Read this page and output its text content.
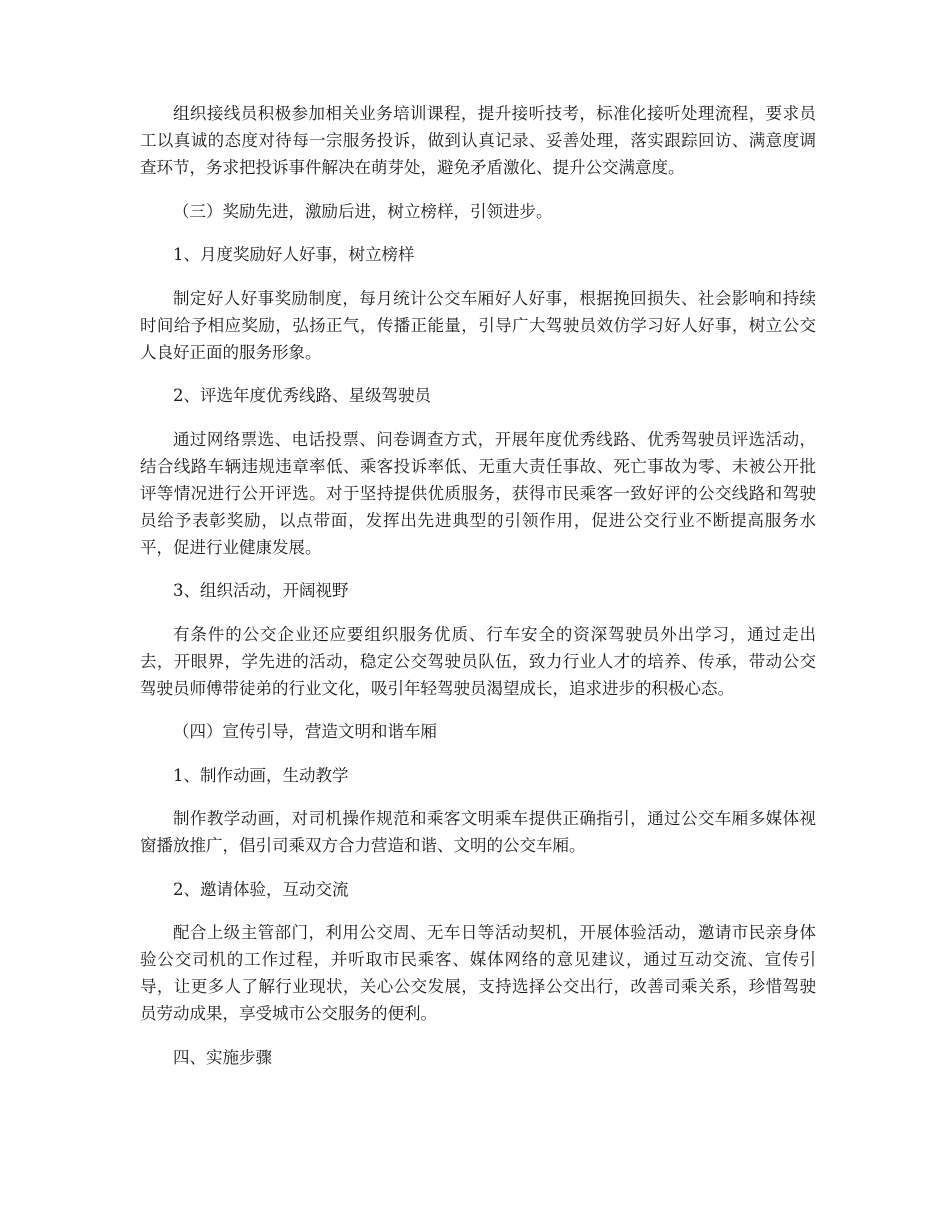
组织接线员积极参加相关业务培训课程，提升接听技考，标准化接听处理流程，要求员工以真诚的态度对待每一宗服务投诉，做到认真记录、妥善处理，落实跟踪回访、满意度调查环节，务求把投诉事件解决在萌芽处，避免矛盾激化、提升公交满意度。

（三）奖励先进，激励后进，树立榜样，引领进步。

1、月度奖励好人好事，树立榜样

制定好人好事奖励制度，每月统计公交车厢好人好事，根据挽回损失、社会影响和持续时间给予相应奖励，弘扬正气，传播正能量，引导广大驾驶员效仿学习好人好事，树立公交人良好正面的服务形象。

2、评选年度优秀线路、星级驾驶员

通过网络票选、电话投票、问卷调查方式，开展年度优秀线路、优秀驾驶员评选活动，结合线路车辆违规违章率低、乘客投诉率低、无重大责任事故、死亡事故为零、未被公开批评等情况进行公开评选。对于坚持提供优质服务，获得市民乘客一致好评的公交线路和驾驶员给予表彰奖励，以点带面，发挥出先进典型的引领作用，促进公交行业不断提高服务水平，促进行业健康发展。

3、组织活动，开阔视野

有条件的公交企业还应要组织服务优质、行车安全的资深驾驶员外出学习，通过走出去，开眼界，学先进的活动，稳定公交驾驶员队伍，致力行业人才的培养、传承，带动公交驾驶员师傅带徒弟的行业文化，吸引年轻驾驶员渴望成长，追求进步的积极心态。

（四）宣传引导，营造文明和谐车厢

1、制作动画，生动教学

制作教学动画，对司机操作规范和乘客文明乘车提供正确指引，通过公交车厢多媒体视窗播放推广，倡引司乘双方合力营造和谐、文明的公交车厢。

2、邀请体验，互动交流

配合上级主管部门，利用公交周、无车日等活动契机，开展体验活动，邀请市民亲身体验公交司机的工作过程，并听取市民乘客、媒体网络的意见建议，通过互动交流、宣传引导，让更多人了解行业现状，关心公交发展，支持选择公交出行，改善司乘关系，珍惜驾驶员劳动成果，享受城市公交服务的便利。

四、实施步骤
